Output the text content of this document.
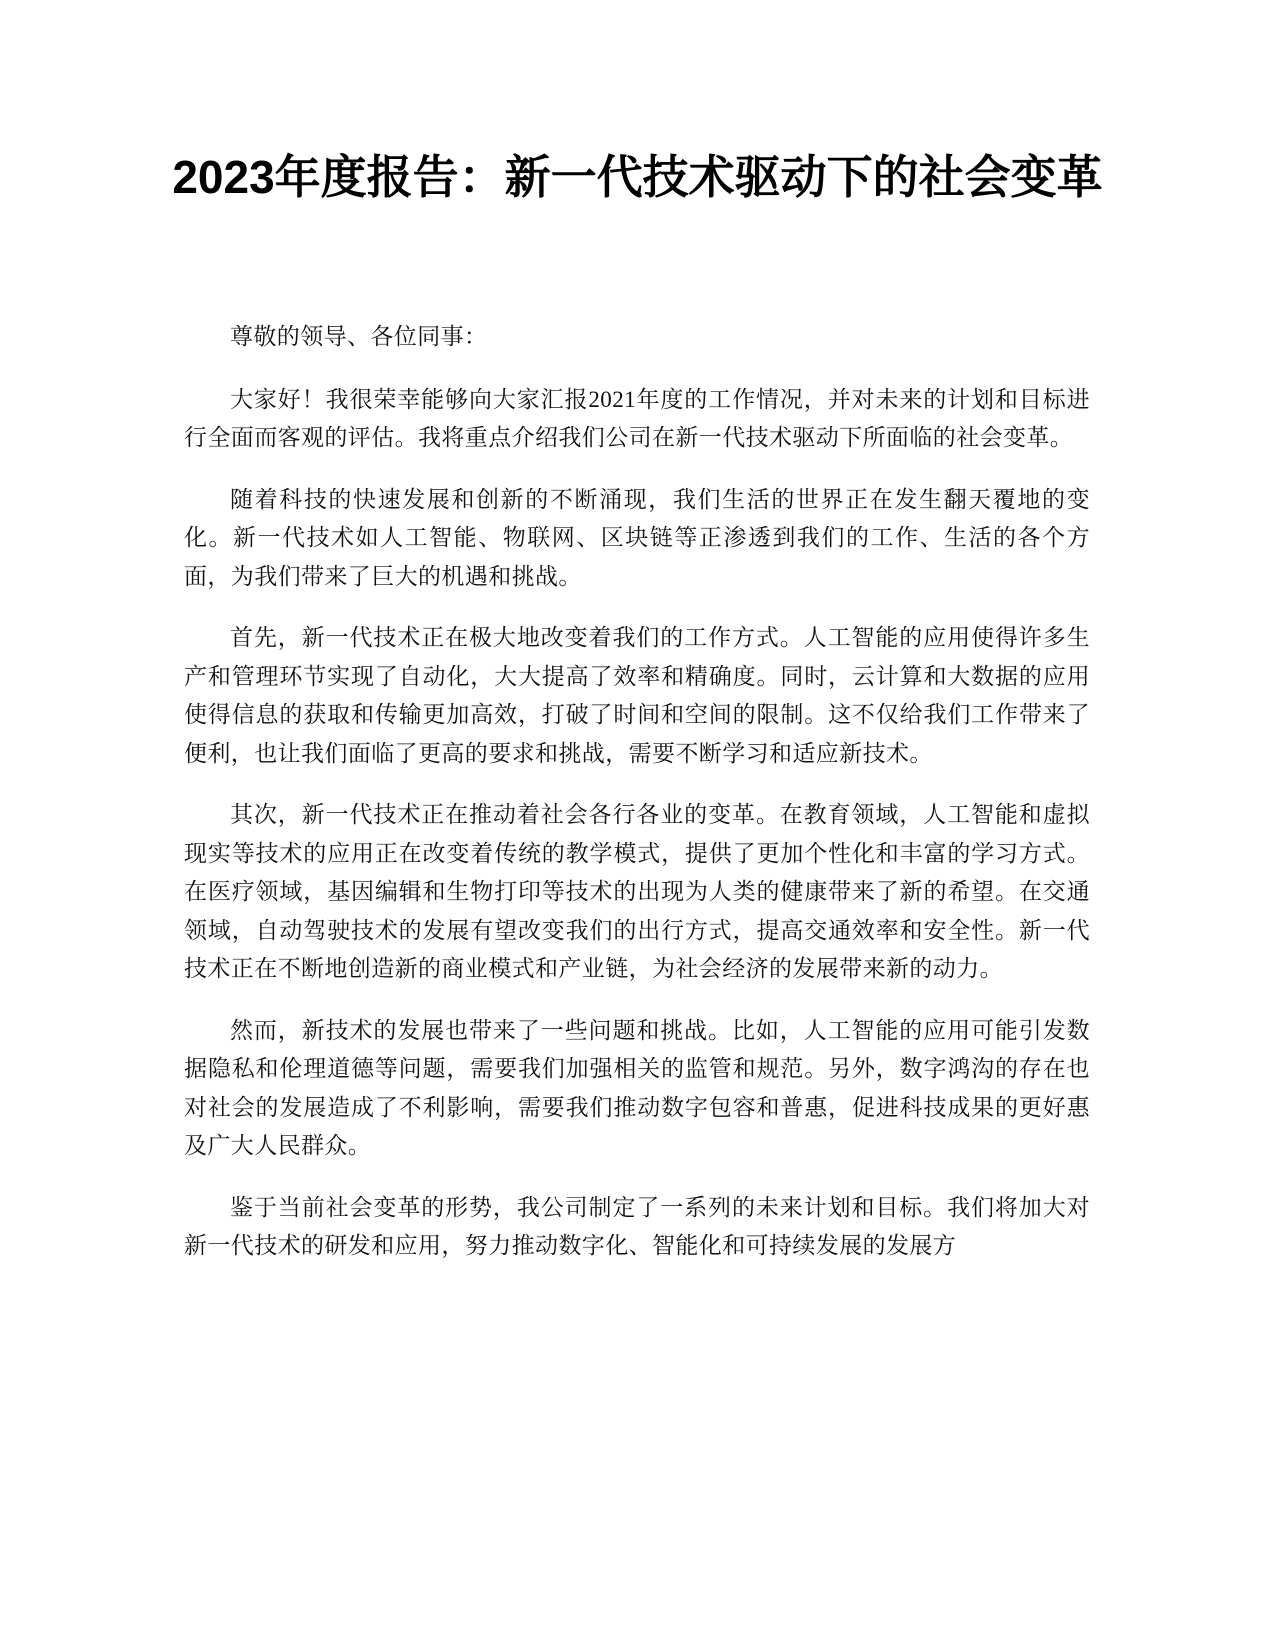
2023年度报告：新一代技术驱动下的社会变革

尊敬的领导、各位同事：

大家好！我很荣幸能够向大家汇报2021年度的工作情况，并对未来的计划和目标进行全面而客观的评估。我将重点介绍我们公司在新一代技术驱动下所面临的社会变革。

随着科技的快速发展和创新的不断涌现，我们生活的世界正在发生翻天覆地的变化。新一代技术如人工智能、物联网、区块链等正渗透到我们的工作、生活的各个方面，为我们带来了巨大的机遇和挑战。

首先，新一代技术正在极大地改变着我们的工作方式。人工智能的应用使得许多生产和管理环节实现了自动化，大大提高了效率和精确度。同时，云计算和大数据的应用使得信息的获取和传输更加高效，打破了时间和空间的限制。这不仅给我们工作带来了便利，也让我们面临了更高的要求和挑战，需要不断学习和适应新技术。

其次，新一代技术正在推动着社会各行各业的变革。在教育领域，人工智能和虚拟现实等技术的应用正在改变着传统的教学模式，提供了更加个性化和丰富的学习方式。在医疗领域，基因编辑和生物打印等技术的出现为人类的健康带来了新的希望。在交通领域，自动驾驶技术的发展有望改变我们的出行方式，提高交通效率和安全性。新一代技术正在不断地创造新的商业模式和产业链，为社会经济的发展带来新的动力。

然而，新技术的发展也带来了一些问题和挑战。比如，人工智能的应用可能引发数据隐私和伦理道德等问题，需要我们加强相关的监管和规范。另外，数字鸿沟的存在也对社会的发展造成了不利影响，需要我们推动数字包容和普惠，促进科技成果的更好惠及广大人民群众。

鉴于当前社会变革的形势，我公司制定了一系列的未来计划和目标。我们将加大对新一代技术的研发和应用，努力推动数字化、智能化和可持续发展的发展方
